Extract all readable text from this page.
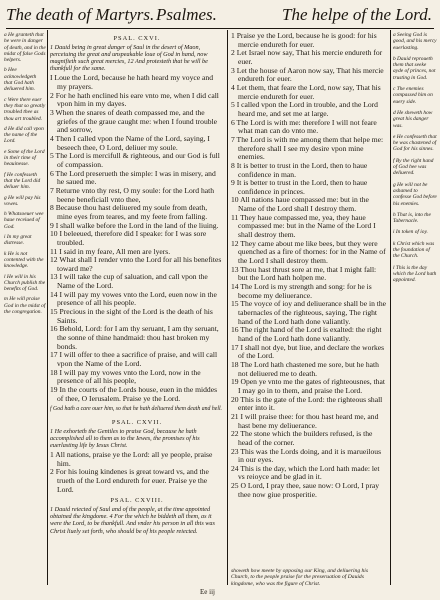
The death of Martyrs. Psalmes.	The helpe of the Lord.

a He granteth that he were in danger of death, and in the midst of false Gods helpers.

b Hee acknowledgeth that God hath deliuered him.

c Were there euer they that so greatly troubled thee as thou art troubled.

d He did call vpon the name of the Lord.

e Some of the Lord in their time of heauinesse.

f He confesseth that the Lord did deliuer him.

g He will pay his vowes.

h Whatsoeuer wee haue receiued of God.

i In my great distresse.

k He is not contented with the knowledge.

l He will in his Church publish the benefits of God.

m He will praise God in the midst of the congregation.

PSAL. CXVI.

1 Dauid being in great danger of Saul in the desert of Maon, perceiuing the great and unspeakable loue of God in hand, now magnifieth such great mercies, 12 And protesteth that he will be thankfull for the same.

I Loue the Lord, because he hath heard my voyce and my prayers.

2 For he hath enclined his eare vnto me, when I did call vpon him in my dayes.

3 When the snares of death compassed me, and the griefes of the graue caught me: when I found trouble and sorrow,

4 Then I called vpon the Name of the Lord, saying, I beseech thee, O Lord, deliuer my soule.

5 The Lord is mercifull & righteous, and our God is full of compassion.

6 The Lord preserueth the simple: I was in misery, and he saued me.

7 Returne vnto thy rest, O my soule: for the Lord hath beene beneficiall vnto thee,

8 Because thou hast deliuered my soule from death, mine eyes from teares, and my feete from falling.

9 I shall walke before the Lord in the land of the liuing.

10 I beleeued, therefore did I speake: for I was sore troubled.

11 I said in my feare, All men are lyers.

12 What shall I render vnto the Lord for all his benefites toward me?

13 I will take the cup of saluation, and call vpon the Name of the Lord.

14 I will pay my vowes vnto the Lord, euen now in the presence of all his people.

15 Precious in the sight of the Lord is the death of his Saints.

16 Behold, Lord: for I am thy seruant, I am thy seruant, the sonne of thine handmaid: thou hast broken my bonds.

17 I will offer to thee a sacrifice of praise, and will call vpon the Name of the Lord.

18 I will pay my vowes vnto the Lord, now in the presence of all his people,

19 In the courts of the Lords house, euen in the middes of thee, O Ierusalem. Praise ye the Lord.

f God hath a care ouer him, so that he hath deliuered them death and hell.

PSAL. CXVII.

1 He exhorteth the Gentiles to praise God, because he hath accomplished all to them as to the Iewes, the promises of his euerlasting life by Iesus Christ.

1 All nations, praise ye the Lord: all ye people, praise him.

2 For his louing kindenes is great toward vs, and the trueth of the Lord endureth for euer. Praise ye the Lord.

PSAL. CXVIII.

1 Dauid reiected of Saul and of the people, at the time appointed obtained the kingdome. 4 For the which he biddeth all them, as it were the Lord, to be thankfull. And vnder his person in all this was Christ liuely set forth, who should be of his people reiected.

1 Praise ye the Lord, because he is good: for his mercie endureth for euer.

2 Let Israel now say, That his mercie endureth for euer.

3 Let the house of Aaron now say, That his mercie endureth for euer.

4 Let them, that feare the Lord, now say, That his mercie endureth for euer.

5 I called vpon the Lord in trouble, and the Lord heard me, and set me at large.

6 The Lord is with me: therefore I will not feare what man can do vnto me.

7 The Lord is with me among them that helpe me: therefore shall I see my desire vpon mine enemies.

8 It is better to trust in the Lord, then to haue confidence in man.

9 It is better to trust in the Lord, then to haue confidence in princes.

10 All nations haue compassed me: but in the Name of the Lord shall I destroy them.

11 They haue compassed me, yea, they haue compassed me: but in the Name of the Lord I shall destroy them.

12 They came about me like bees, but they were quenched as a fire of thornes: for in the Name of the Lord I shall destroy them.

13 Thou hast thrust sore at me, that I might fall: but the Lord hath holpen me.

14 The Lord is my strength and song: for he is become my deliuerance.

15 The voyce of ioy and deliuerance shall be in the tabernacles of the righteous, saying, The right hand of the Lord hath done valiantly.

16 The right hand of the Lord is exalted: the right hand of the Lord hath done valiantly.

17 I shall not dye, but liue, and declare the workes of the Lord.

18 The Lord hath chastened me sore, but he hath not deliuered me to death.

19 Open ye vnto me the gates of righteousnes, that I may go in to them, and praise the Lord.

20 This is the gate of the Lord: the righteous shall enter into it.

21 I will praise thee: for thou hast heard me, and hast bene my deliuerance.

22 The stone which the builders refused, is the head of the corner.

23 This was the Lords doing, and it is marueilous in our eyes.

24 This is the day, which the Lord hath made: let vs reioyce and be glad in it.

25 O Lord, I pray thee, saue now: O Lord, I pray thee now giue prosperitie.

showeth how meete by opposing our King, and deliuering his Church, to the people praise for the preseruation of Dauids kingdome, who was the figure of Christ.

a Seeing God is good, and his mercy euerlasting.

b Dauid reproueth them that seeke ayde of princes, not trusting in God.

c The enemies compassed him on euery side.

d He sheweth how great his danger was.

e He confesseth that he was chastened of God for his sinnes.

f By the right hand of God hee was deliuered.

g He will not be ashamed to confesse God before his enemies.

h That is, into the Tabernacle.

i In token of ioy.

k Christ which was the foundation of the Church.

l This is the day which the Lord hath appointed.

Ee iij
